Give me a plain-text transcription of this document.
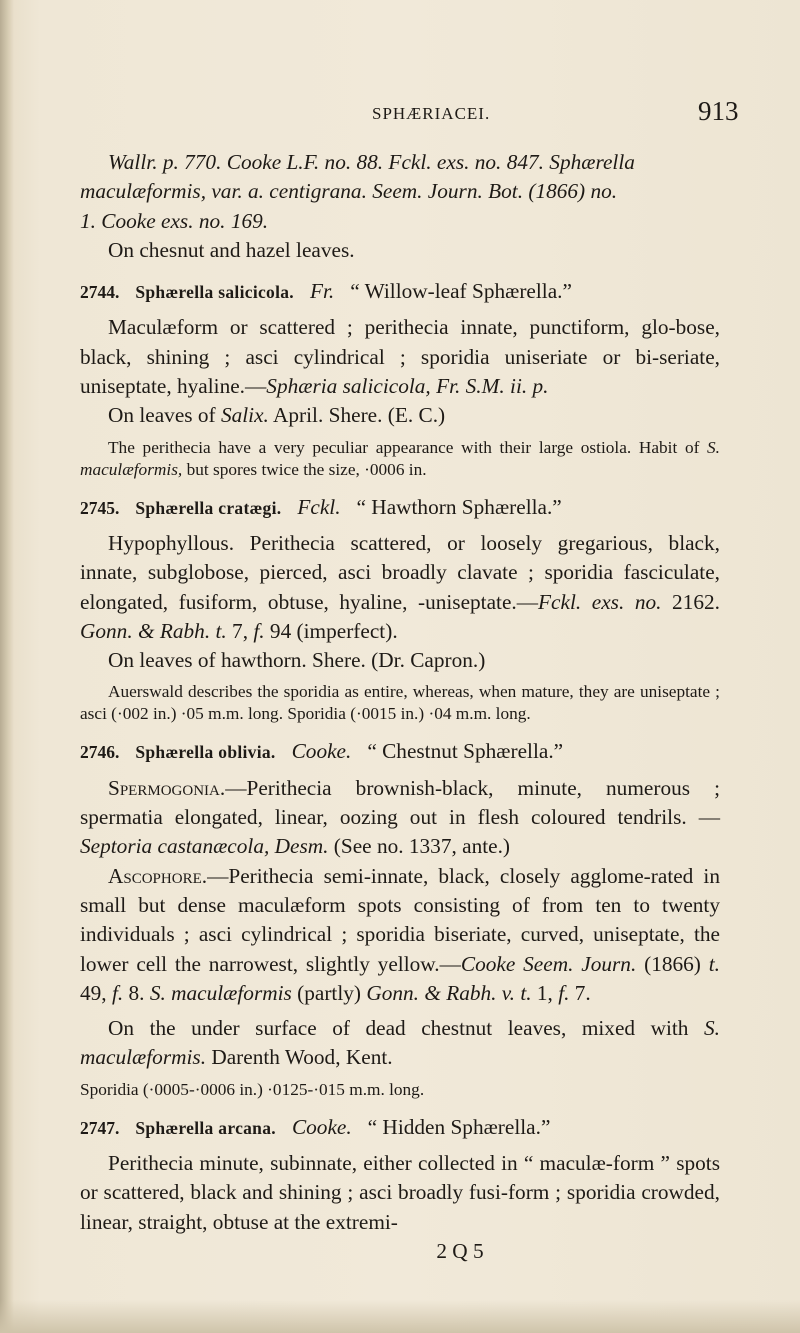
SPHÆRIACEI.	913

Wallr. p. 770. Cooke L.F. no. 88. Fckl. exs. no. 847. Sphærella
maculæformis, var. a. centigrana. Seem. Journ. Bot. (1866) no.
1. Cooke exs. no. 169.

On chesnut and hazel leaves.

2744. Sphærella salicicola. Fr. “ Willow-leaf Sphærella.”

Maculæform or scattered ; perithecia innate, punctiform, glo-bose, black, shining ; asci cylindrical ; sporidia uniseriate or bi-seriate, uniseptate, hyaline.—Sphæria salicicola, Fr. S.M. ii. p.

On leaves of Salix. April. Shere. (E. C.)

The perithecia have a very peculiar appearance with their large ostiola. Habit of S. maculæformis, but spores twice the size, ·0006 in.

2745. Sphærella cratægi. Fckl. “ Hawthorn Sphærella.”

Hypophyllous. Perithecia scattered, or loosely gregarious, black, innate, subglobose, pierced, asci broadly clavate ; sporidia fasciculate, elongated, fusiform, obtuse, hyaline, -uniseptate.—Fckl. exs. no. 2162. Gonn. & Rabh. t. 7, f. 94 (imperfect).

On leaves of hawthorn. Shere. (Dr. Capron.)

Auerswald describes the sporidia as entire, whereas, when mature, they are uniseptate ; asci (·002 in.) ·05 m.m. long. Sporidia (·0015 in.) ·04 m.m. long.

2746. Sphærella oblivia. Cooke. “ Chestnut Sphærella.”

Spermogonia.—Perithecia brownish-black, minute, numerous ; spermatia elongated, linear, oozing out in flesh coloured tendrils. —Septoria castanæcola, Desm. (See no. 1337, ante.)

Ascophore.—Perithecia semi-innate, black, closely agglome-rated in small but dense maculæform spots consisting of from ten to twenty individuals ; asci cylindrical ; sporidia biseriate, curved, uniseptate, the lower cell the narrowest, slightly yellow.—Cooke Seem. Journ. (1866) t. 49, f. 8. S. maculæformis (partly) Gonn. & Rabh. v. t. 1, f. 7.

On the under surface of dead chestnut leaves, mixed with S. maculæformis. Darenth Wood, Kent.

Sporidia (·0005-·0006 in.) ·0125-·015 m.m. long.

2747. Sphærella arcana. Cooke. “ Hidden Sphærella.”

Perithecia minute, subinnate, either collected in “ maculæ-form ” spots or scattered, black and shining ; asci broadly fusi-form ; sporidia crowded, linear, straight, obtuse at the extremi-

2 Q 5
